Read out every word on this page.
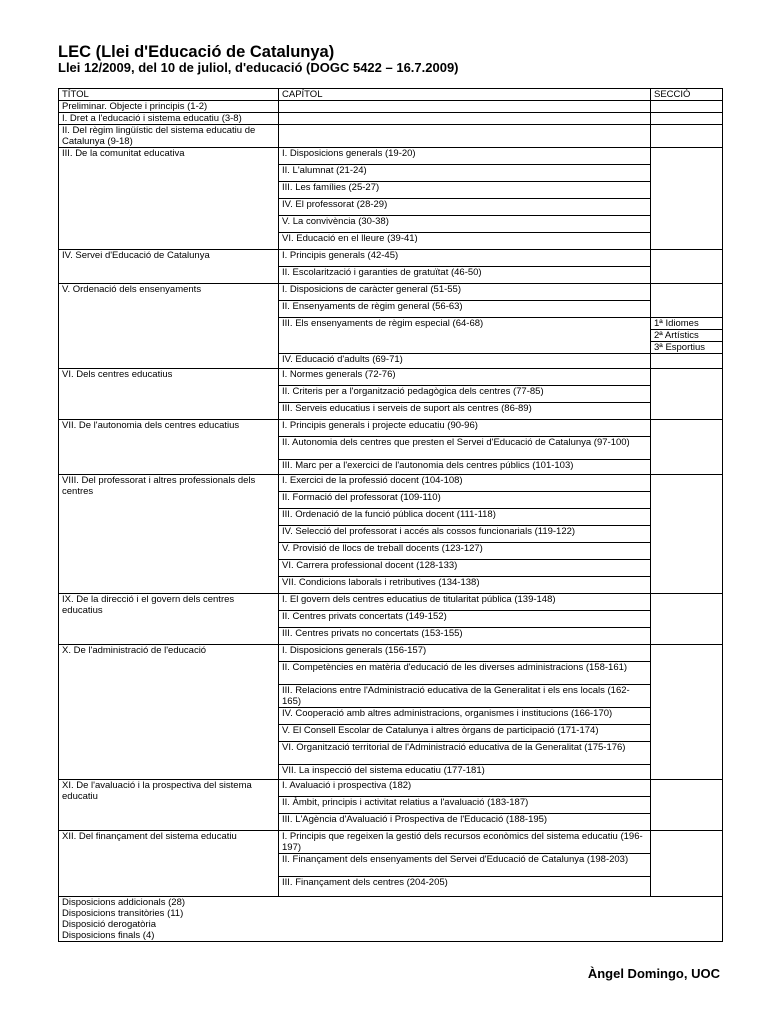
LEC (Llei d'Educació de Catalunya)
Llei 12/2009, del 10 de juliol, d'educació (DOGC 5422 – 16.7.2009)
TÍTOL	CAPÍTOL	SECCIÓ
Preliminar. Objecte i principis (1-2)		
I. Dret a l'educació i sistema educatiu (3-8)		
II. Del règim lingüístic del sistema educatiu de Catalunya (9-18)		
III. De la comunitat educativa	I. Disposicions generals (19-20)	
	II. L'alumnat (21-24)	
	III. Les famílies (25-27)	
	IV. El professorat (28-29)	
	V. La convivència (30-38)	
	VI. Educació en el lleure (39-41)	
IV. Servei d'Educació de Catalunya	I. Principis generals (42-45)	
	II. Escolarització i garanties de gratuïtat (46-50)	
V. Ordenació dels ensenyaments	I. Disposicions de caràcter general (51-55)	
	II. Ensenyaments de règim general (56-63)	
	III. Els ensenyaments de règim especial (64-68)	1ª Idiomes
		2ª Artístics
		3ª Esportius
	IV. Educació d'adults (69-71)	
VI. Dels centres educatius	I. Normes generals (72-76)	
	II. Criteris per a l'organització pedagògica dels centres (77-85)	
	III. Serveis educatius i serveis de suport als centres (86-89)	
VII. De l'autonomia dels centres educatius	I. Principis generals i projecte educatiu (90-96)	
	II. Autonomia dels centres que presten el Servei d'Educació de Catalunya (97-100)	
	III. Marc per a l'exercici de l'autonomia dels centres públics (101-103)	
VIII. Del professorat i altres professionals dels centres	I. Exercici de la professió docent (104-108)	
	II. Formació del professorat (109-110)	
	III. Ordenació de la funció pública docent (111-118)	
	IV. Selecció del professorat i accés als cossos funcionarials (119-122)	
	V. Provisió de llocs de treball docents (123-127)	
	VI. Carrera professional docent (128-133)	
	VII. Condicions laborals i retributives (134-138)	
IX. De la direcció i el govern dels centres educatius	I. El govern dels centres educatius de titularitat pública (139-148)	
	II. Centres privats concertats (149-152)	
	III. Centres privats no concertats (153-155)	
X. De l'administració de l'educació	I. Disposicions generals (156-157)	
	II. Competències en matèria d'educació de les diverses administracions (158-161)	
	III. Relacions entre l'Administració educativa de la Generalitat i els ens locals (162-165)	
	IV. Cooperació amb altres administracions, organismes i institucions (166-170)	
	V. El Consell Escolar de Catalunya i altres òrgans de participació (171-174)	
	VI. Organització territorial de l'Administració educativa de la Generalitat (175-176)	
	VII. La inspecció del sistema educatiu (177-181)	
XI. De l'avaluació i la prospectiva del sistema educatiu	I. Avaluació i prospectiva (182)	
	II. Àmbit, principis i activitat relatius a l'avaluació (183-187)	
	III. L'Agència d'Avaluació i Prospectiva de l'Educació (188-195)	
XII. Del finançament del sistema educatiu	I. Principis que regeixen la gestió dels recursos econòmics del sistema educatiu (196-197)	
	II. Finançament dels ensenyaments del Servei d'Educació de Catalunya (198-203)	
	III. Finançament dels centres (204-205)	
Disposicions addicionals (28)
Disposicions transitòries (11)
Disposició derogatòria
Disposicions finals (4)		
Àngel Domingo, UOC
